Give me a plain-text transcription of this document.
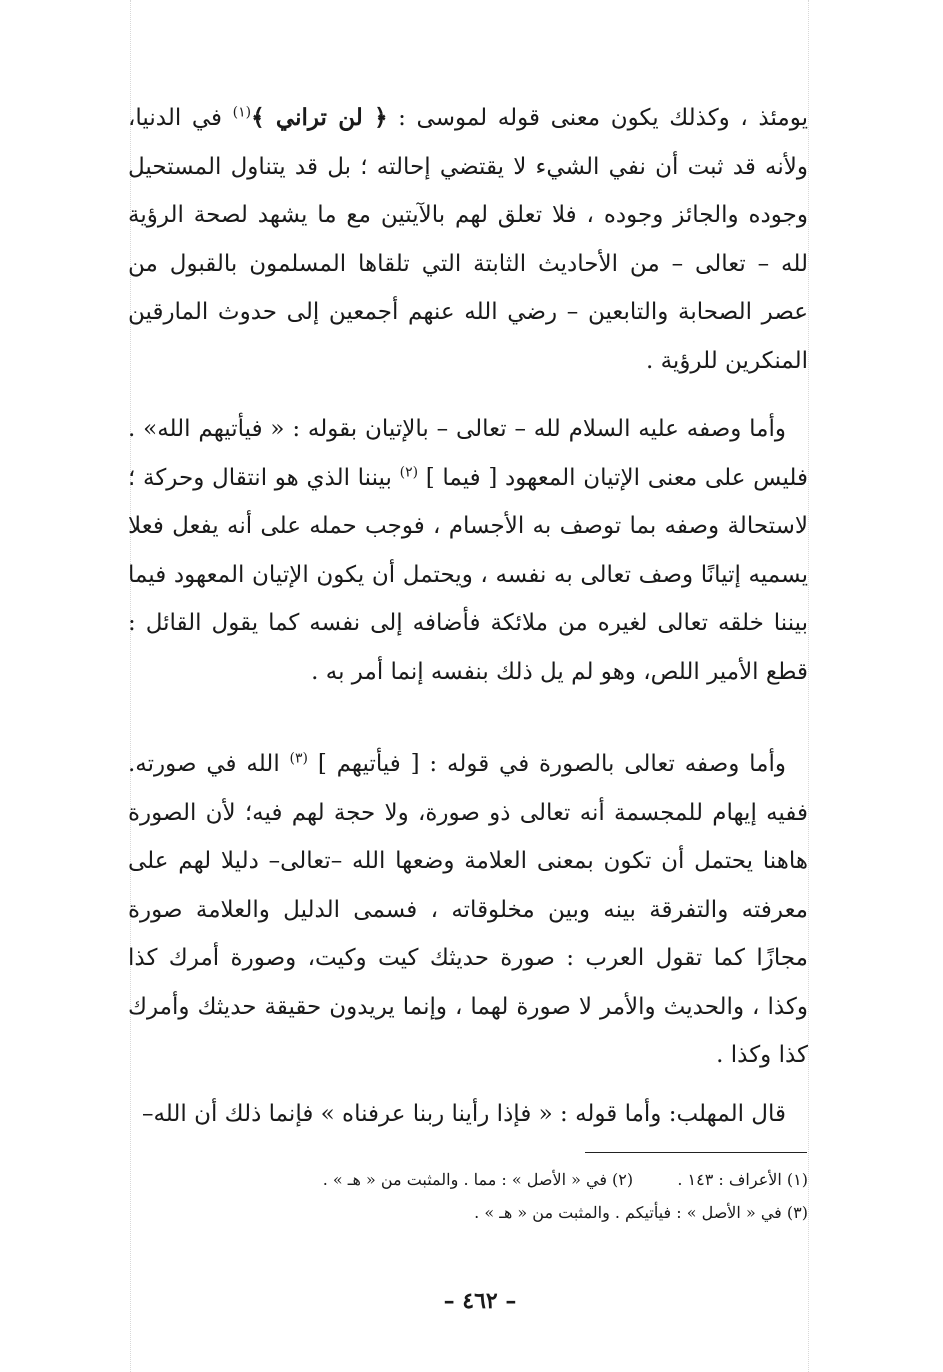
يومئذ ، وكذلك يكون معنى قوله لموسى : ﴿ لن تراني ﴾$^{(١)}$ في الدنيا، ولأنه قد ثبت أن نفي الشيء لا يقتضي إحالته ؛ بل قد يتناول المستحيل وجوده والجائز وجوده ، فلا تعلق لهم بالآيتين مع ما يشهد لصحة الرؤية لله – تعالى – من الأحاديث الثابتة التي تلقاها المسلمون بالقبول من عصر الصحابة والتابعين – رضي الله عنهم أجمعين إلى حدوث المارقين المنكرين للرؤية .

وأما وصفه عليه السلام لله – تعالى – بالإتيان بقوله : « فيأتيهم الله» . فليس على معنى الإتيان المعهود [ فيما ] $^{(٢)}$ بيننا الذي هو انتقال وحركة ؛ لاستحالة وصفه بما توصف به الأجسام ، فوجب حمله على أنه يفعل فعلا يسميه إتيانًا وصف تعالى به نفسه ، ويحتمل أن يكون الإتيان المعهود فيما بيننا خلقه تعالى لغيره من ملائكة فأضافه إلى نفسه كما يقول القائل : قطع الأمير اللص، وهو لم يل ذلك بنفسه إنما أمر به .

وأما وصفه تعالى بالصورة في قوله : [ فيأتيهم ] $^{(٣)}$ الله في صورته. ففيه إيهام للمجسمة أنه تعالى ذو صورة، ولا حجة لهم فيه؛ لأن الصورة هاهنا يحتمل أن تكون بمعنى العلامة وضعها الله –تعالى– دليلا لهم على معرفته والتفرقة بينه وبين مخلوقاته ، فسمى الدليل والعلامة صورة مجازًا كما تقول العرب : صورة حديثك كيت وكيت، وصورة أمرك كذا وكذا ، والحديث والأمر لا صورة لهما ، وإنما يريدون حقيقة حديثك وأمرك كذا وكذا .

قال المهلب: وأما قوله : « فإذا رأينا ربنا عرفناه » فإنما ذلك أن الله–

(١) الأعراف : ١٤٣ .  (٢) في « الأصل » : مما . والمثبت من « هـ » .

(٣) في « الأصل » : فيأتيكم . والمثبت من « هـ » .

– ٤٦٢ –
